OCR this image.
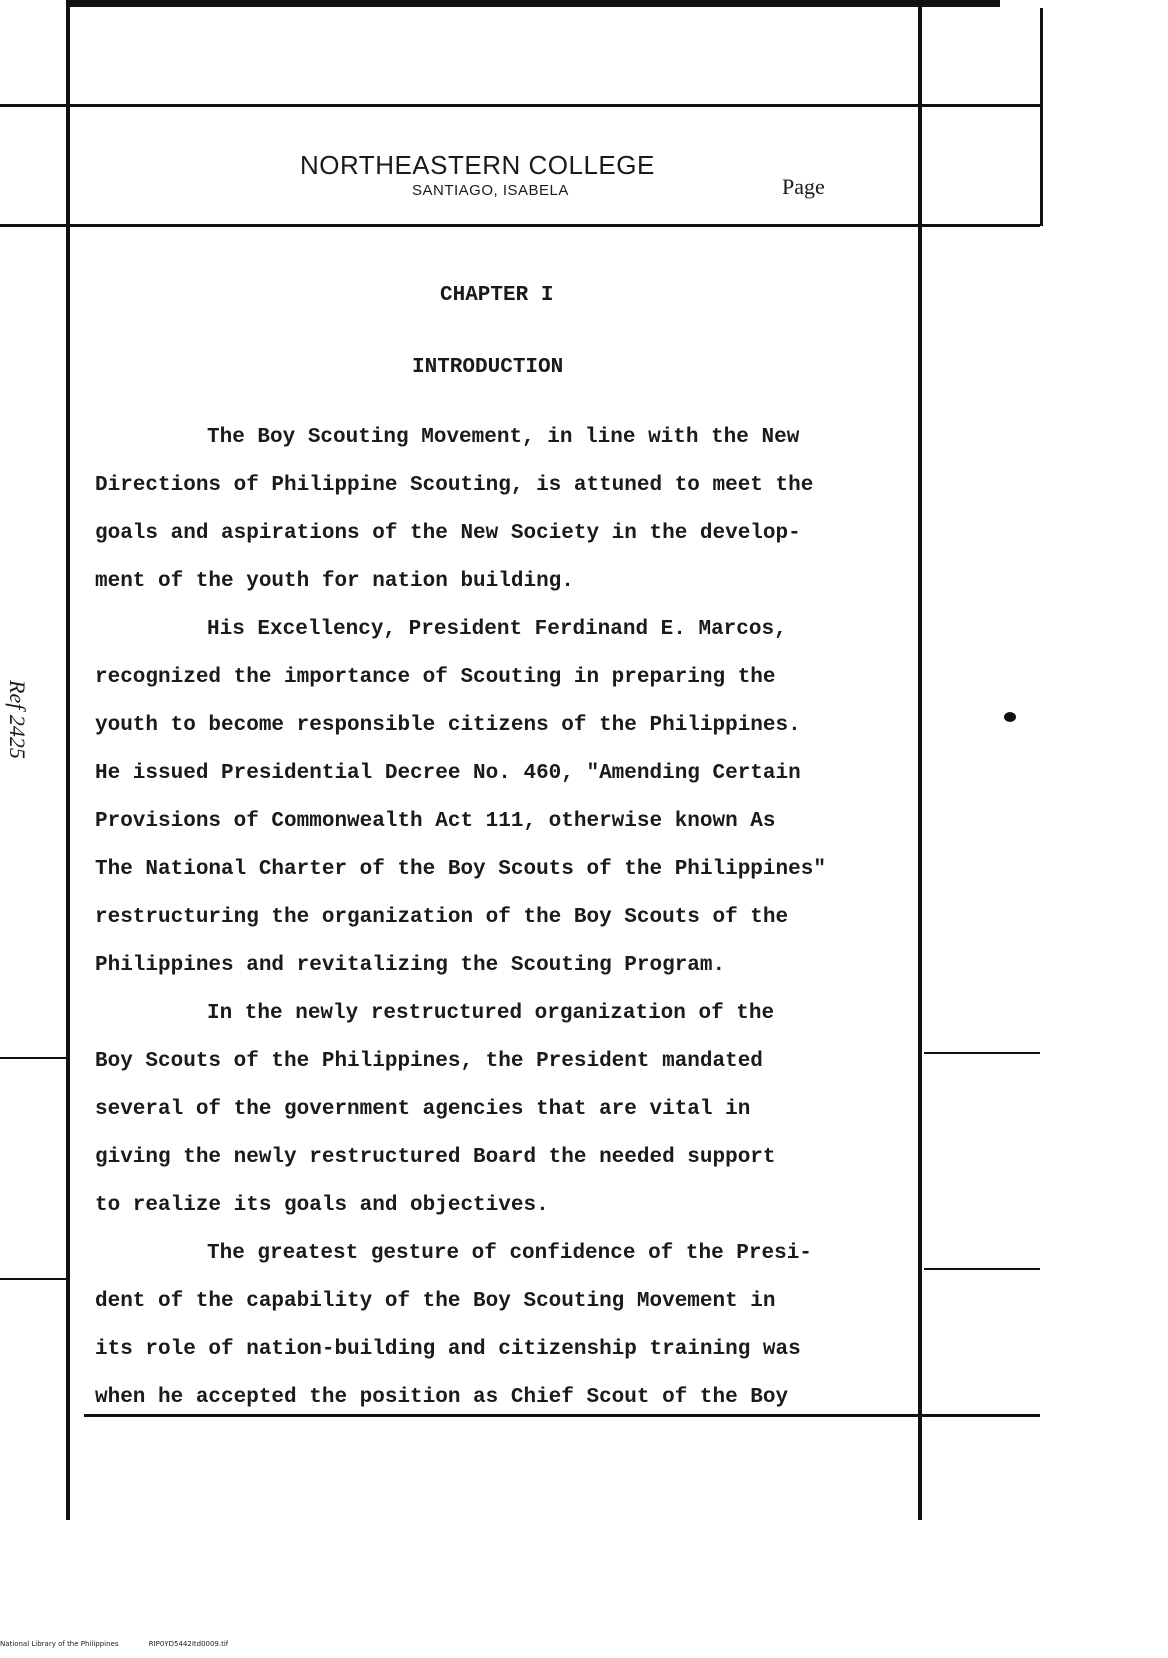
NORTHEASTERN COLLEGE
SANTIAGO, ISABELA	Page
CHAPTER I
INTRODUCTION
The Boy Scouting Movement, in line with the New
Directions of Philippine Scouting, is attuned to meet the
goals and aspirations of the New Society in the develop-
ment of the youth for nation building.
His Excellency, President Ferdinand E. Marcos,
recognized the importance of Scouting in preparing the
youth to become responsible citizens of the Philippines.
He issued Presidential Decree No. 460, "Amending Certain
Provisions of Commonwealth Act 111, otherwise known As
The National Charter of the Boy Scouts of the Philippines"
restructuring the organization of the Boy Scouts of the
Philippines and revitalizing the Scouting Program.
In the newly restructured organization of the
Boy Scouts of the Philippines, the President mandated
several of the government agencies that are vital in
giving the newly restructured Board the needed support
to realize its goals and objectives.
The greatest gesture of confidence of the Presi-
dent of the capability of the Boy Scouting Movement in
its role of nation-building and citizenship training was
when he accepted the position as Chief Scout of the Boy
Ref 2425
National Library of the Philippines	RIP0YD5442Itd0009.tif
